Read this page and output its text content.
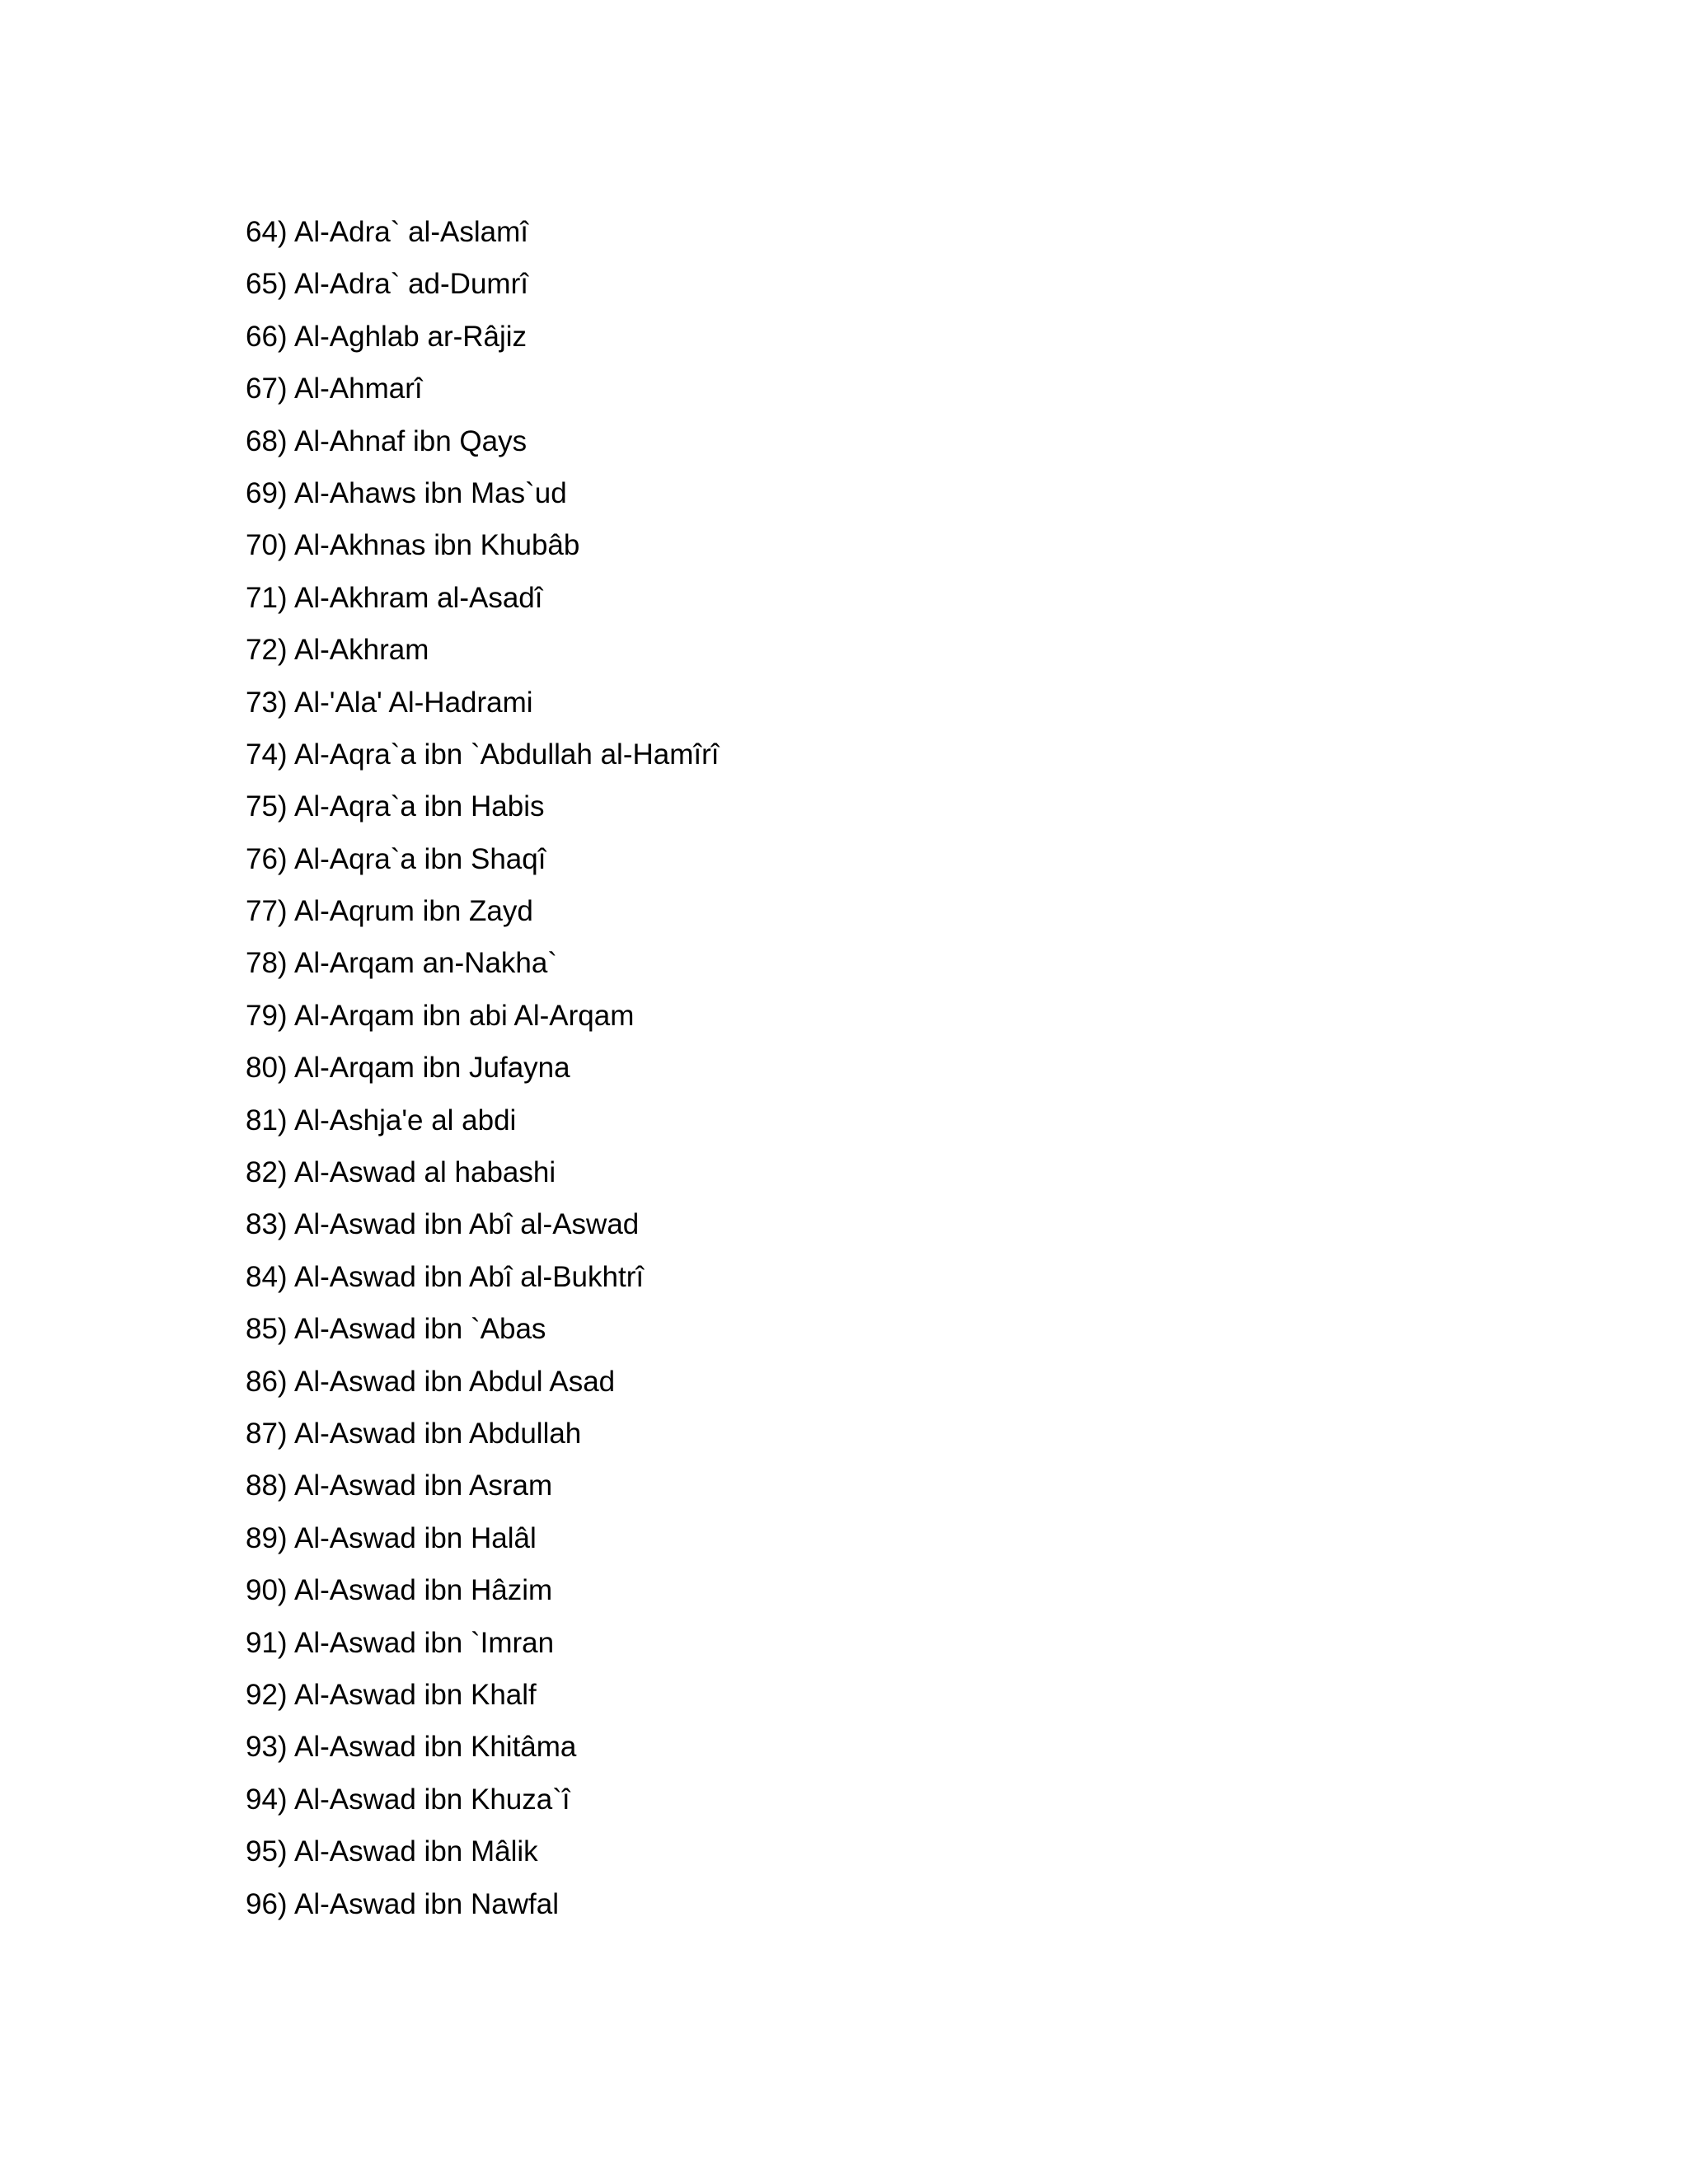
64) Al-Adra` al-Aslamî
65) Al-Adra` ad-Dumrî
66) Al-Aghlab ar-Râjiz
67) Al-Ahmarî
68) Al-Ahnaf ibn Qays
69) Al-Ahaws ibn Mas`ud
70) Al-Akhnas ibn Khubâb
71) Al-Akhram al-Asadî
72) Al-Akhram
73) Al-'Ala' Al-Hadrami
74) Al-Aqra`a ibn `Abdullah al-Hamîrî
75) Al-Aqra`a ibn Habis
76) Al-Aqra`a ibn Shaqî
77) Al-Aqrum ibn Zayd
78) Al-Arqam an-Nakha`
79) Al-Arqam ibn abi Al-Arqam
80) Al-Arqam ibn Jufayna
81) Al-Ashja'e al abdi
82) Al-Aswad al habashi
83) Al-Aswad ibn Abî al-Aswad
84) Al-Aswad ibn Abî al-Bukhtrî
85) Al-Aswad ibn `Abas
86) Al-Aswad ibn Abdul Asad
87) Al-Aswad ibn Abdullah
88) Al-Aswad ibn Asram
89) Al-Aswad ibn Halâl
90) Al-Aswad ibn Hâzim
91) Al-Aswad ibn `Imran
92) Al-Aswad ibn Khalf
93) Al-Aswad ibn Khitâma
94) Al-Aswad ibn Khuza`î
95) Al-Aswad ibn Mâlik
96) Al-Aswad ibn Nawfal
